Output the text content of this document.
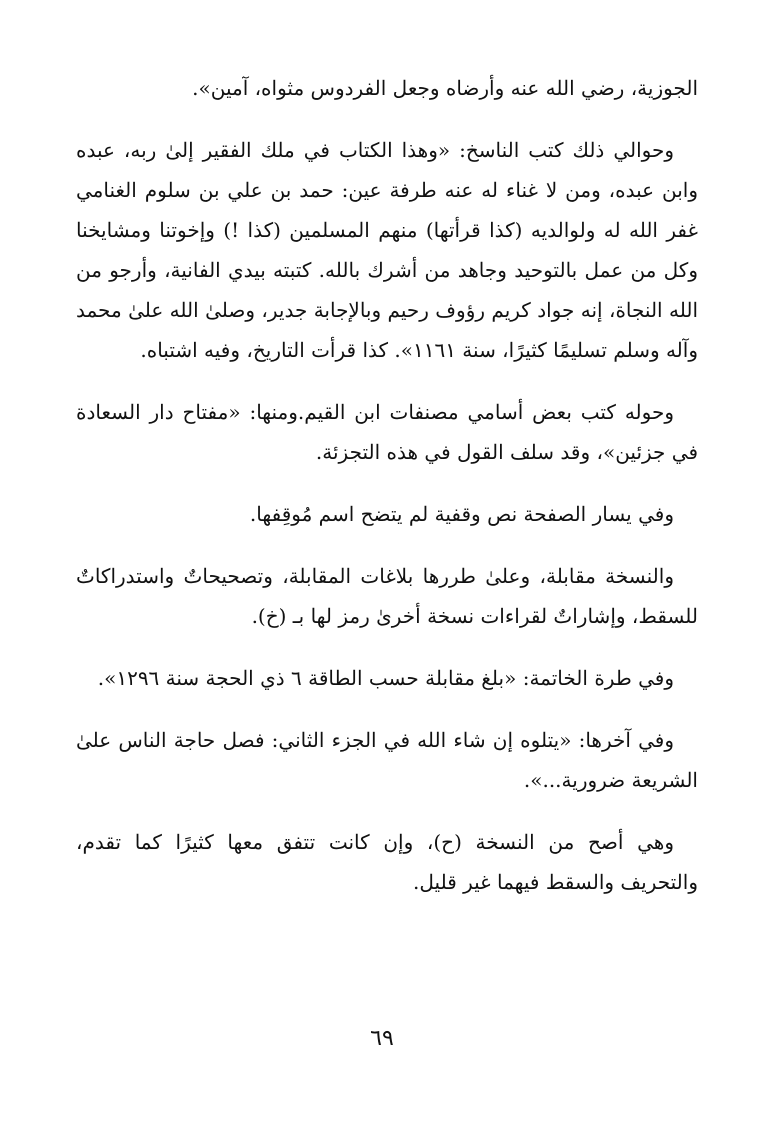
الجوزية، رضي الله عنه وأرضاه وجعل الفردوس مثواه، آمين».

وحوالي ذلك كتب الناسخ: «وهذا الكتاب في ملك الفقير إلىٰ ربه، عبده وابن عبده، ومن لا غناء له عنه طرفة عين: حمد بن علي بن سلوم الغنامي غفر الله له ولوالديه (كذا قرأتها) منهم المسلمين (كذا !) وإخوتنا ومشايخنا وكل من عمل بالتوحيد وجاهد من أشرك بالله. كتبته بيدي الفانية، وأرجو من الله النجاة، إنه جواد كريم رؤوف رحيم وبالإجابة جدير، وصلىٰ الله علىٰ محمد وآله وسلم تسليمًا كثيرًا، سنة ١١٦١». كذا قرأت التاريخ، وفيه اشتباه.

وحوله كتب بعض أسامي مصنفات ابن القيم.ومنها: «مفتاح دار السعادة في جزئين»، وقد سلف القول في هذه التجزئة.

وفي يسار الصفحة نص وقفية لم يتضح اسم مُوقِفها.

والنسخة مقابلة، وعلىٰ طررها بلاغات المقابلة، وتصحيحاتٌ واستدراكاتٌ للسقط، وإشاراتٌ لقراءات نسخة أخرىٰ رمز لها بـ (خ).

وفي طرة الخاتمة: «بلغ مقابلة حسب الطاقة ٦ ذي الحجة سنة ١٢٩٦».

وفي آخرها: «يتلوه إن شاء الله في الجزء الثاني: فصل حاجة الناس علىٰ الشريعة ضرورية...».

وهي أصح من النسخة (ح)، وإن كانت تتفق معها كثيرًا كما تقدم، والتحريف والسقط فيهما غير قليل.

٦٩
